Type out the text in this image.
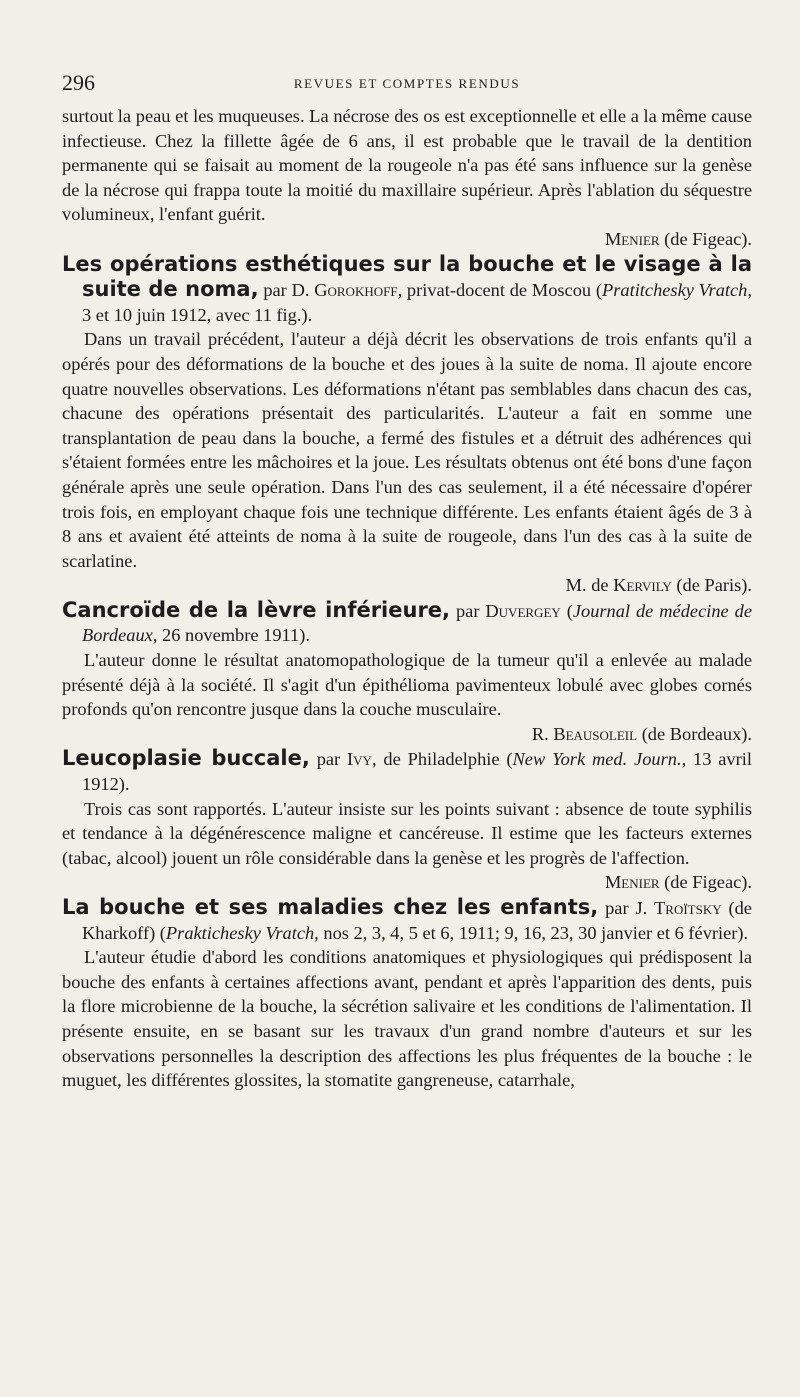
296	REVUES ET COMPTES RENDUS

surtout la peau et les muqueuses. La nécrose des os est exceptionnelle et elle a la même cause infectieuse. Chez la fillette âgée de 6 ans, il est probable que le travail de la dentition permanente qui se faisait au moment de la rougeole n'a pas été sans influence sur la genèse de la nécrose qui frappa toute la moitié du maxillaire supérieur. Après l'ablation du séquestre volumineux, l'enfant guérit.

Menier (de Figeac).

Les opérations esthétiques sur la bouche et le visage à la suite de noma, par D. Gorokhoff, privat-docent de Moscou (Pratitchesky Vratch, 3 et 10 juin 1912, avec 11 fig.).

Dans un travail précédent, l'auteur a déjà décrit les observations de trois enfants qu'il a opérés pour des déformations de la bouche et des joues à la suite de noma. Il ajoute encore quatre nouvelles observations. Les déformations n'étant pas semblables dans chacun des cas, chacune des opérations présentait des particularités. L'auteur a fait en somme une transplantation de peau dans la bouche, a fermé des fistules et a détruit des adhérences qui s'étaient formées entre les mâchoires et la joue. Les résultats obtenus ont été bons d'une façon générale après une seule opération. Dans l'un des cas seulement, il a été nécessaire d'opérer trois fois, en employant chaque fois une technique différente. Les enfants étaient âgés de 3 à 8 ans et avaient été atteints de noma à la suite de rougeole, dans l'un des cas à la suite de scarlatine.

M. de Kervily (de Paris).

Cancroïde de la lèvre inférieure, par Duvergey (Journal de médecine de Bordeaux, 26 novembre 1911).

L'auteur donne le résultat anatomopathologique de la tumeur qu'il a enlevée au malade présenté déjà à la société. Il s'agit d'un épithélioma pavimenteux lobulé avec globes cornés profonds qu'on rencontre jusque dans la couche musculaire.

R. Beausoleil (de Bordeaux).

Leucoplasie buccale, par Ivy, de Philadelphie (New York med. Journ., 13 avril 1912).

Trois cas sont rapportés. L'auteur insiste sur les points suivant : absence de toute syphilis et tendance à la dégénérescence maligne et cancéreuse. Il estime que les facteurs externes (tabac, alcool) jouent un rôle considérable dans la genèse et les progrès de l'affection.

Menier (de Figeac).

La bouche et ses maladies chez les enfants, par J. Troïtsky (de Kharkoff) (Praktichesky Vratch, nos 2, 3, 4, 5 et 6, 1911; 9, 16, 23, 30 janvier et 6 février).

L'auteur étudie d'abord les conditions anatomiques et physiologiques qui prédisposent la bouche des enfants à certaines affections avant, pendant et après l'apparition des dents, puis la flore microbienne de la bouche, la sécrétion salivaire et les conditions de l'alimentation. Il présente ensuite, en se basant sur les travaux d'un grand nombre d'auteurs et sur les observations personnelles la description des affections les plus fréquentes de la bouche : le muguet, les différentes glossites, la stomatite gangreneuse, catarrhale,
